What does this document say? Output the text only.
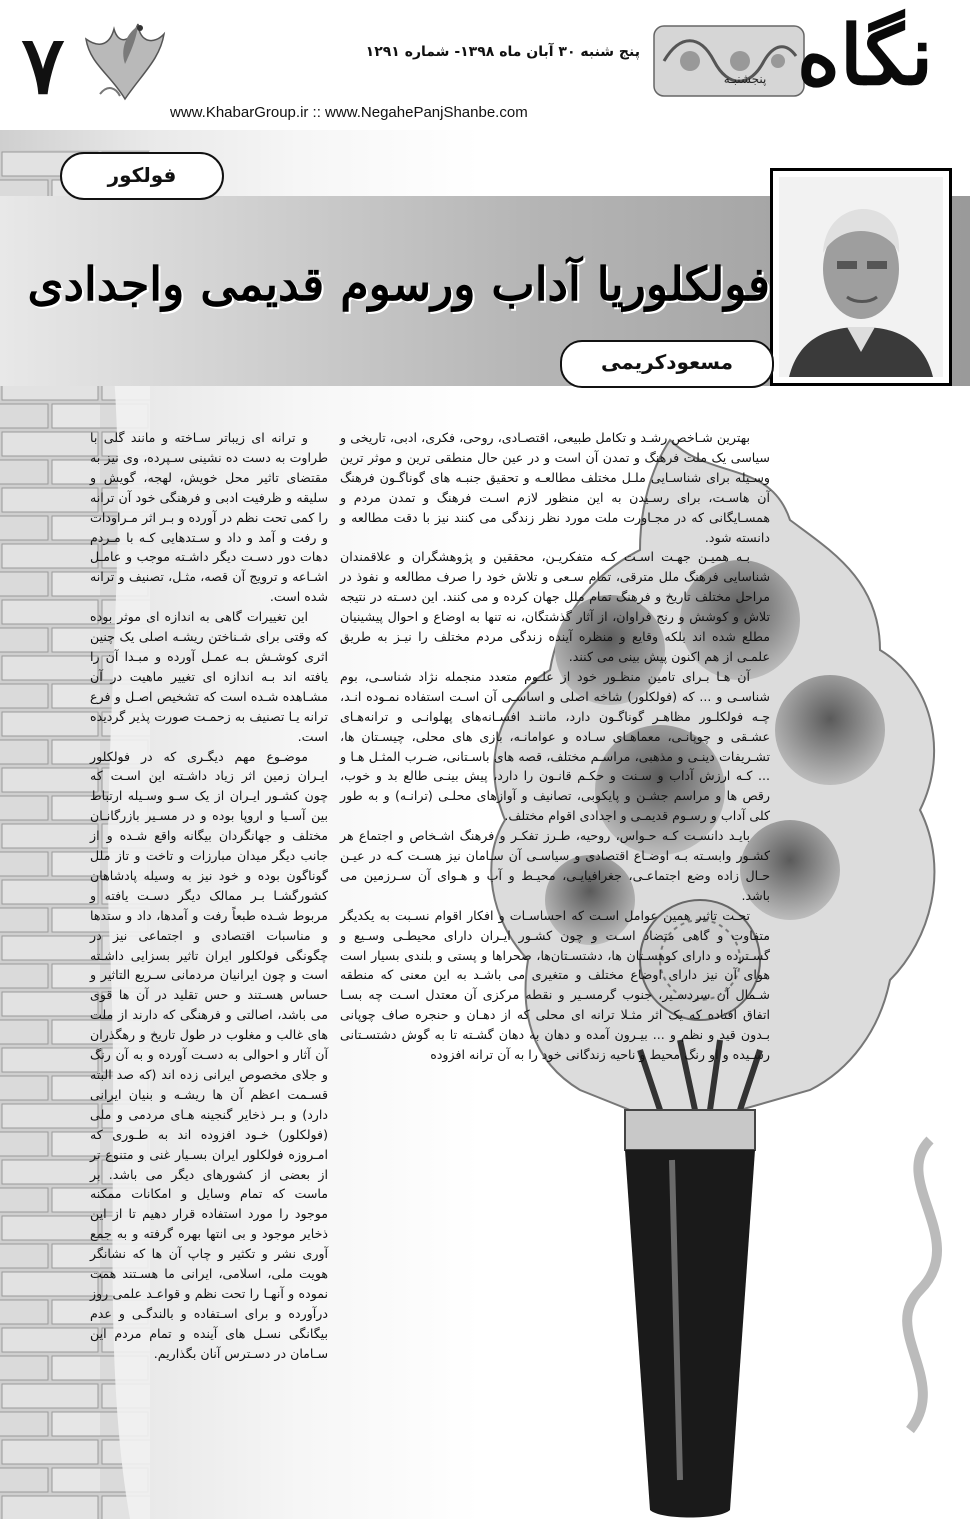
۷	پنج شنبه ۳۰ آبان ماه ۱۳۹۸- شماره ۱۲۹۱ نگاه
پنجشنبـه
www.KhabarGroup.ir :: www.NegahePanjShanbe.com
فولکور
فولکلوریا آداب ورسوم قدیمی واجدادی
مسعودکریمی

بهترین شـاخص رشـد و تکامل طبیعی، اقتصـادی، روحی، فکری، ادبی، تاریخی و سیاسی یک ملت فرهنگ و تمدن آن است و در عین حال منطقی ترین و موثر ترین وسـیله برای شناسـایی ملـل مختلف مطالعـه و تحقیق جنبـه های گوناگـون فرهنگ آن هاسـت، برای رسـیدن به این منظور لازم اسـت فرهنگ و تمدن مردم و همسـایگانی که در مجـاورت ملت مورد نظر زندگی می کنند نیز با دقت مطالعه و دانسته شود.

بـه همیـن جهـت اسـت کـه متفکریـن، محققین و پژوهشگران و علاقمندان شناسایی فرهنگ ملل مترقی، تمام سـعی و تلاش خود را صرف مطالعه و نفوذ در مراحل مختلف تاریخ و فرهنگ تمام ملل جهان کرده و می کنند. این دسـته در نتیجه تلاش و کوشش و رنج فراوان، از آثار گذشتگان، نه تنها به اوضاع و احوال پیشینیان مطلع شده اند بلکه وقایع و منظره آینده زندگی مردم مختلف را نیـز به طریق علمـی از هم اکنون پیش بینی می کنند.

آن هـا بـرای تامین منظـور خود از علـوم متعدد منجمله نژاد شناسـی، بوم شناسـی و ... که (فولکلور) شاخه اصلی و اساسـی آن اسـت استفاده نمـوده انـد، چـه فولکلـور مظاهـر گوناگـون دارد، ماننـد افسـانه‌های پهلوانـی و ترانه‌هـای عشـقی و چوپانـی، معماهـای سـاده و عوامانـه، بازی های محلی، چیسـتان ها، تشـریفات دینـی و مذهبی، مراسـم مختلف، قصه های باسـتانی، ضـرب المثـل هـا و ... کـه ارزش آداب و سـنت و حکـم قانـون را دارد، پیش بینـی طالع بد و خوب، رقص ها و مراسم جشـن و پایکوبی، تصانیف و آوازهای محلـی (ترانـه) و به طور کلی آداب و رسـوم قدیمـی و اجدادی اقوام مختلف.

بایـد دانسـت کـه حـواس، روحیه، طـرز تفکـر و فرهنگ اشـخاص و اجتماع هر کشـور وابسـته بـه اوضـاع اقتصادی و سیاسـی آن سـامان نیز هسـت کـه در عیـن حـال زاده وضع اجتماعـی، جغرافیایـی، محیـط و آب و هـوای آن سـرزمین می باشد.

تحـت تاثیر همین عوامل اسـت که احساسـات و افکار اقوام نسـبت به یکدیگر متفاوت و گاهی متضاد اسـت و چون کشـور ایـران دارای محیطـی وسـیع و گسـترده و دارای کوهسـتان ها، دشتسـتان‌ها، صحراها و پستی و بلندی بسیار است هوای آن نیز دارای اوضاع مختلف و متغیری می باشـد به این معنی که منطقه شـمال آن سردسـیر، جنوب گرمسـیر و نقطه مرکزی آن معتدل اسـت چه بسـا اتفاق افتاده که یک اثر مثـلا ترانه ای محلی که از دهـان و حنجره صاف چوپانی بـدون قید و نظم و ... بیـرون آمده و دهان به دهان گشـته تا به گوش دشتسـتانی رسـیده و او رنگ محیط و ناحیه زندگانی خود را به آن ترانه افزوده

و ترانه ای زیباتر سـاخته و مانند گلی با طراوت به دست ده نشینی سـپرده، وی نیز به مقتضای تاثیر محل خویش، لهجه، گویش و سلیقه و ظرفیت ادبی و فرهنگی خود آن ترانه را کمی تحت نظم در آورده و بـر اثر مـراودات و رفت و آمد و داد و سـتدهایی کـه با مـردم دهات دور دسـت دیگر داشـته موجب و عامـل اشـاعه و ترویج آن قصه، مثـل، تصنیف و ترانه شده است.

این تغییرات گاهی به اندازه ای موثر بوده که وقتی برای شـناختن ریشـه اصلی یک چنین اثری کوشـش بـه عمـل آورده و مبـدا آن را یافته اند بـه اندازه ای تغییر ماهیت در آن مشـاهده شـده است که تشخیص اصـل و فرع ترانه یـا تصنیف به زحمـت صورت پذیر گردیده است.

موضـوع مهم دیگـری که در فولکلور ایـران زمین اثر زیاد داشـته این اسـت که چون کشـور ایـران از یک سـو وسـیله ارتباط بین آسـیا و اروپا بوده و در مسـیر بازرگانـان مختلف و جهانگردان بیگانه واقع شـده و از جانب دیگر میدان مبارزات و تاخت و تاز ملل گوناگون بوده و خود نیز به وسیله پادشاهان کشورگشـا بـر ممالک دیگر دسـت یافته و مربوط شـده طبعاً رفت و آمدها، داد و ستدها و مناسبات اقتصادی و اجتماعی نیز در چگونگی فولکلور ایران تاثیر بسزایی داشـته است و چون ایرانیان مردمانی سـریع التاثیر و حساس هسـتند و حس تقلید در آن ها قوی می باشد، اصالتی و فرهنگی که دارند از ملت های غالب و مغلوب در طول تاریخ و رهگذران آن آثار و احوالی به دسـت آورده و به آن رنگ و جلای مخصوص ایرانی زده اند (که صد البته قسـمت اعظم آن ها ریشـه و بنیان ایرانی دارد) و بـر ذخایر گنجینه هـای مردمی و ملی (فولکلور) خـود افزوده اند به طـوری که امـروزه فولکلور ایران بسـیار غنی و متنوع تر از بعضی از کشورهای دیگر می باشد. بر ماست که تمام وسایل و امکانات ممکنه موجود را مورد استفاده قرار دهیم تا از این ذخایر موجود و بی انتها بهره گرفته و به جمع آوری نشر و تکثیر و چاپ آن ها که نشانگر هویت ملی، اسلامی، ایرانی ما هسـتند همت نموده و آنهـا را تحت نظم و قواعـد علمی روز درآورده و برای اسـتفاده و بالندگـی و عدم بیگانگی نسـل های آینده و تمام مردم این سـامان در دسـترس آنان بگذاریم.
